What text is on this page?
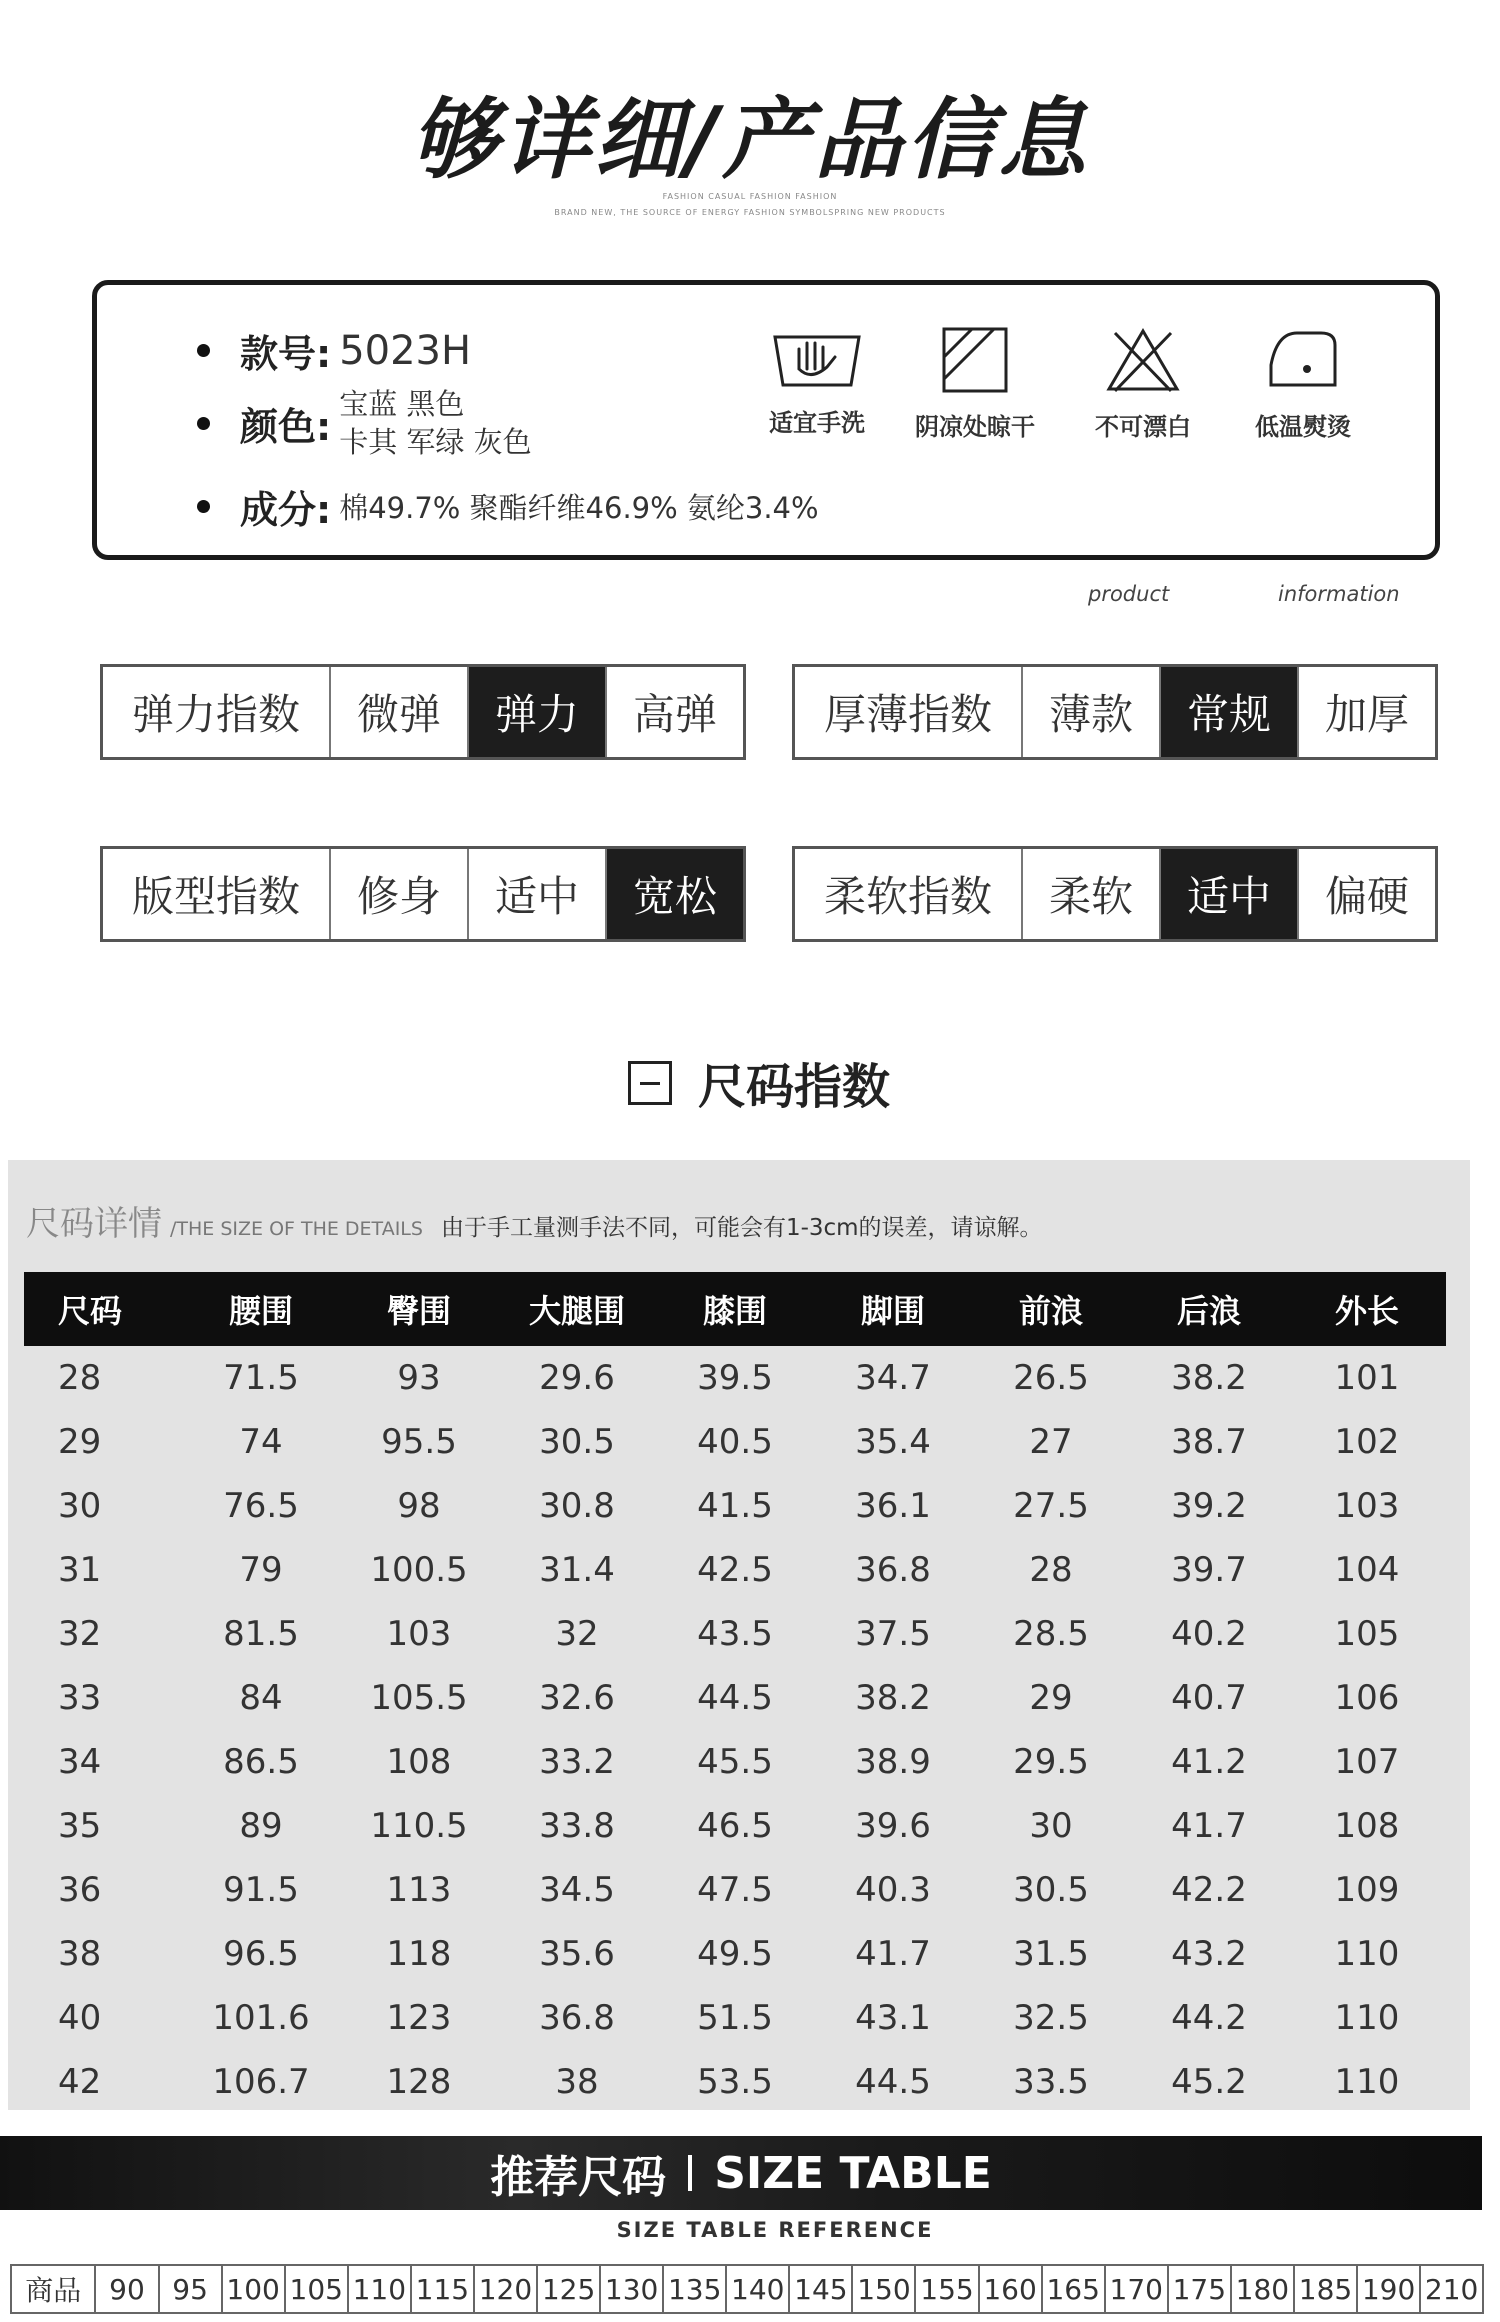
够详细/产品信息
FASHION CASUAL FASHION FASHION
BRAND NEW, THE SOURCE OF ENERGY FASHION SYMBOLSPRING NEW PRODUCTS
款号: 5023H
颜色:
宝蓝 黑色
卡其 军绿 灰色
成分: 棉49.7% 聚酯纤维46.9% 氨纶3.4%
适宜手洗	阴凉处晾干	不可漂白	低温熨烫
product	information
弹力指数	微弹	弹力	高弹	厚薄指数	薄款	常规	加厚
版型指数	修身	适中	宽松	柔软指数	柔软	适中	偏硬
尺码指数
尺码详情 /THE SIZE OF THE DETAILS 由于手工量测手法不同，可能会有1-3cm的误差，请谅解。
尺码	腰围	臀围	大腿围	膝围	脚围	前浪	后浪	外长
28	71.5	93	29.6	39.5	34.7	26.5	38.2	101
29	74	95.5	30.5	40.5	35.4	27	38.7	102
30	76.5	98	30.8	41.5	36.1	27.5	39.2	103
31	79	100.5	31.4	42.5	36.8	28	39.7	104
32	81.5	103	32	43.5	37.5	28.5	40.2	105
33	84	105.5	32.6	44.5	38.2	29	40.7	106
34	86.5	108	33.2	45.5	38.9	29.5	41.2	107
35	89	110.5	33.8	46.5	39.6	30	41.7	108
36	91.5	113	34.5	47.5	40.3	30.5	42.2	109
38	96.5	118	35.6	49.5	41.7	31.5	43.2	110
40	101.6	123	36.8	51.5	43.1	32.5	44.2	110
42	106.7	128	38	53.5	44.5	33.5	45.2	110
推荐尺码 SIZE TABLE
SIZE TABLE REFERENCE
商品 90 95 100 105 110 115 120 125 130 135 140 145 150 155 160 165 170 175 180 185 190 210
